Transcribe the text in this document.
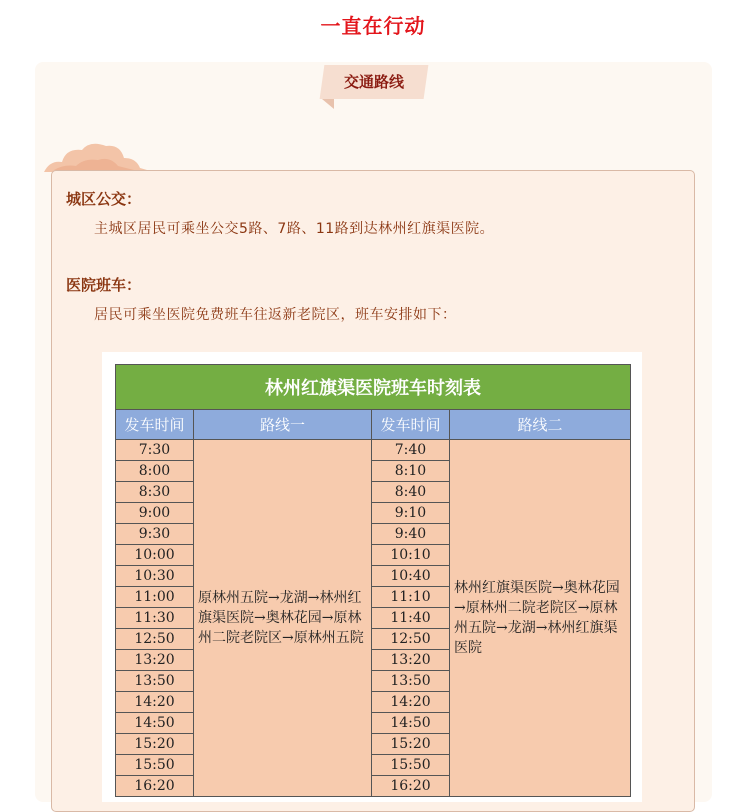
一直在行动
交通路线
城区公交：
主城区居民可乘坐公交5路、7路、11路到达林州红旗渠医院。
医院班车：
居民可乘坐医院免费班车往返新老院区，班车安排如下：
林州红旗渠医院班车时刻表			
发车时间	路线一	发车时间	路线二
7:30	原林州五院→龙湖→林州红旗渠医院→奥林花园→原林州二院老院区→原林州五院	7:40	林州红旗渠医院→奥林花园→原林州二院老院区→原林州五院→龙湖→林州红旗渠医院
8:00		8:10	
8:30		8:40	
9:00		9:10	
9:30		9:40	
10:00		10:10	
10:30		10:40	
11:00		11:10	
11:30		11:40	
12:50		12:50	
13:20		13:20	
13:50		13:50	
14:20		14:20	
14:50		14:50	
15:20		15:20	
15:50		15:50	
16:20		16:20	
